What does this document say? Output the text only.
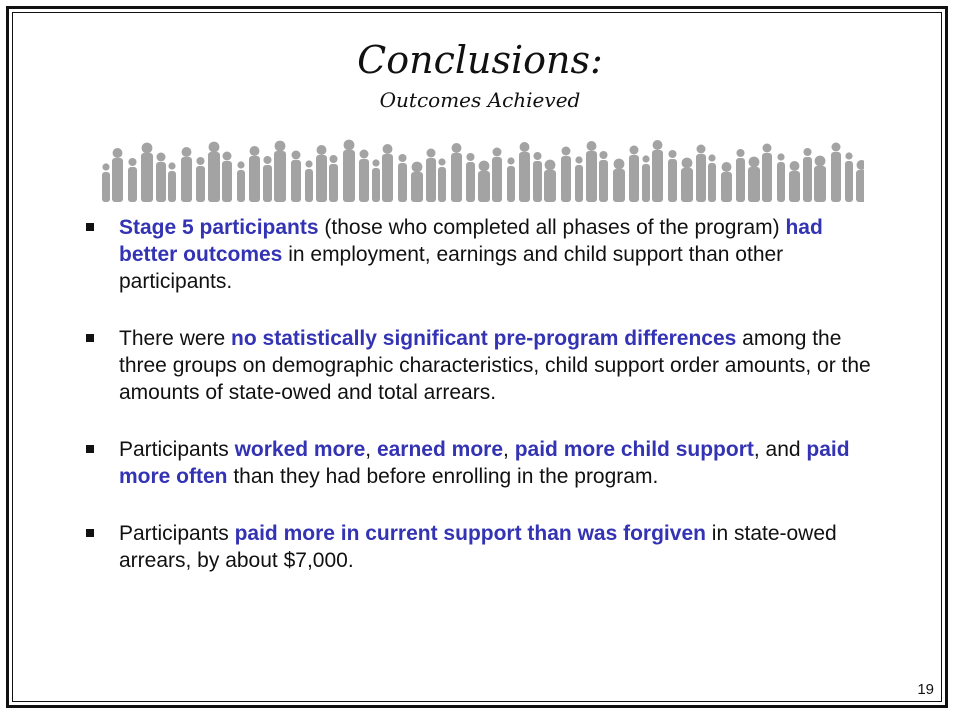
Conclusions:
Outcomes Achieved
Stage 5 participants (those who completed all phases of the program) had better outcomes in employment, earnings and child support than other participants.
There were no statistically significant pre-program differences among the three groups on demographic characteristics, child support order amounts, or the amounts of state-owed and total arrears.
Participants worked more, earned more, paid more child support, and paid more often than they had before enrolling in the program.
Participants paid more in current support than was forgiven in state-owed arrears, by about $7,000.
19
